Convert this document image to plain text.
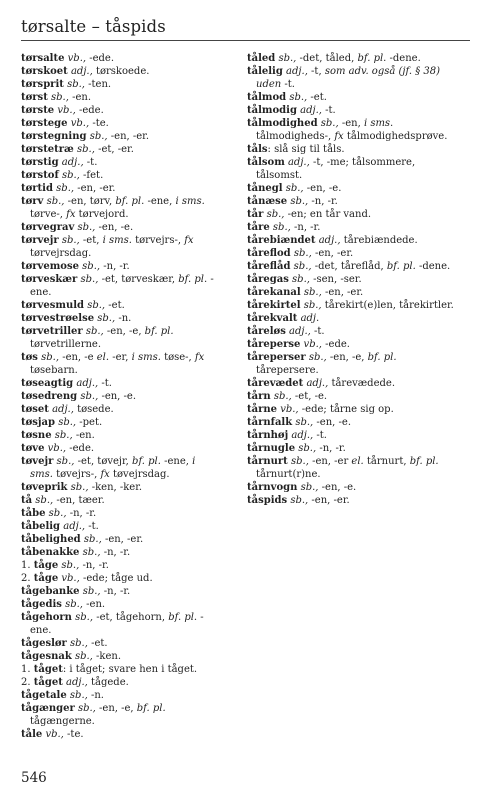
tørsalte – tåspids

tørsalte vb., -ede.

tørskoet adj., tørskoede.

tørsprit sb., -ten.

tørst sb., -en.

tørste vb., -ede.

tørstege vb., -te.

tørstegning sb., -en, -er.

tørstetræ sb., -et, -er.

tørstig adj., -t.

tørstof sb., -fet.

tørtid sb., -en, -er.

tørv sb., -en, tørv, bf. pl. -ene, i sms. tørve-, fx tørvejord.

tørvegrav sb., -en, -e.

tørvejr sb., -et, i sms. tørvejrs-, fx tørvejrsdag.

tørvemose sb., -n, -r.

tørveskær sb., -et, tørveskær, bf. pl. -ene.

tørvesmuld sb., -et.

tørvestrøelse sb., -n.

tørvetriller sb., -en, -e, bf. pl. tørvetrillerne.

tøs sb., -en, -e el. -er, i sms. tøse-, fx tøsebarn.

tøseagtig adj., -t.

tøsedreng sb., -en, -e.

tøset adj., tøsede.

tøsjap sb., -pet.

tøsne sb., -en.

tøve vb., -ede.

tøvejr sb., -et, tøvejr, bf. pl. -ene, i sms. tøvejrs-, fx tøvejrsdag.

tøveprik sb., -ken, -ker.

tå sb., -en, tæer.

tåbe sb., -n, -r.

tåbelig adj., -t.

tåbelighed sb., -en, -er.

tåbenakke sb., -n, -r.

1. tåge sb., -n, -r.

2. tåge vb., -ede; tåge ud.

tågebanke sb., -n, -r.

tågedis sb., -en.

tågehorn sb., -et, tågehorn, bf. pl. -ene.

tågeslør sb., -et.

tågesnak sb., -ken.

1. tåget: i tåget; svare hen i tåget.

2. tåget adj., tågede.

tågetale sb., -n.

tågænger sb., -en, -e, bf. pl. tågængerne.

tåle vb., -te.

tåled sb., -det, tåled, bf. pl. -dene.

tålelig adj., -t, som adv. også (jf. § 38) uden -t.

tålmod sb., -et.

tålmodig adj., -t.

tålmodighed sb., -en, i sms. tålmodigheds-, fx tålmodighedsprøve.

tåls: slå sig til tåls.

tålsom adj., -t, -me; tålsommere, tålsomst.

tånegl sb., -en, -e.

tånæse sb., -n, -r.

tår sb., -en; en tår vand.

tåre sb., -n, -r.

tårebiændet adj., tårebiændede.

tåreflod sb., -en, -er.

tåreflåd sb., -det, tåreflåd, bf. pl. -dene.

tåregas sb., -sen, -ser.

tårekanal sb., -en, -er.

tårekirtel sb., tårekirt(e)len, tårekirtler.

tårekvalt adj.

tåreløs adj., -t.

tåreperse vb., -ede.

tåreperser sb., -en, -e, bf. pl. tårepersere.

tårevædet adj., tårevædede.

tårn sb., -et, -e.

tårne vb., -ede; tårne sig op.

tårnfalk sb., -en, -e.

tårnhøj adj., -t.

tårnugle sb., -n, -r.

tårnurt sb., -en, -er el. tårnurt, bf. pl. tårnurt(r)ne.

tårnvogn sb., -en, -e.

tåspids sb., -en, -er.

546
